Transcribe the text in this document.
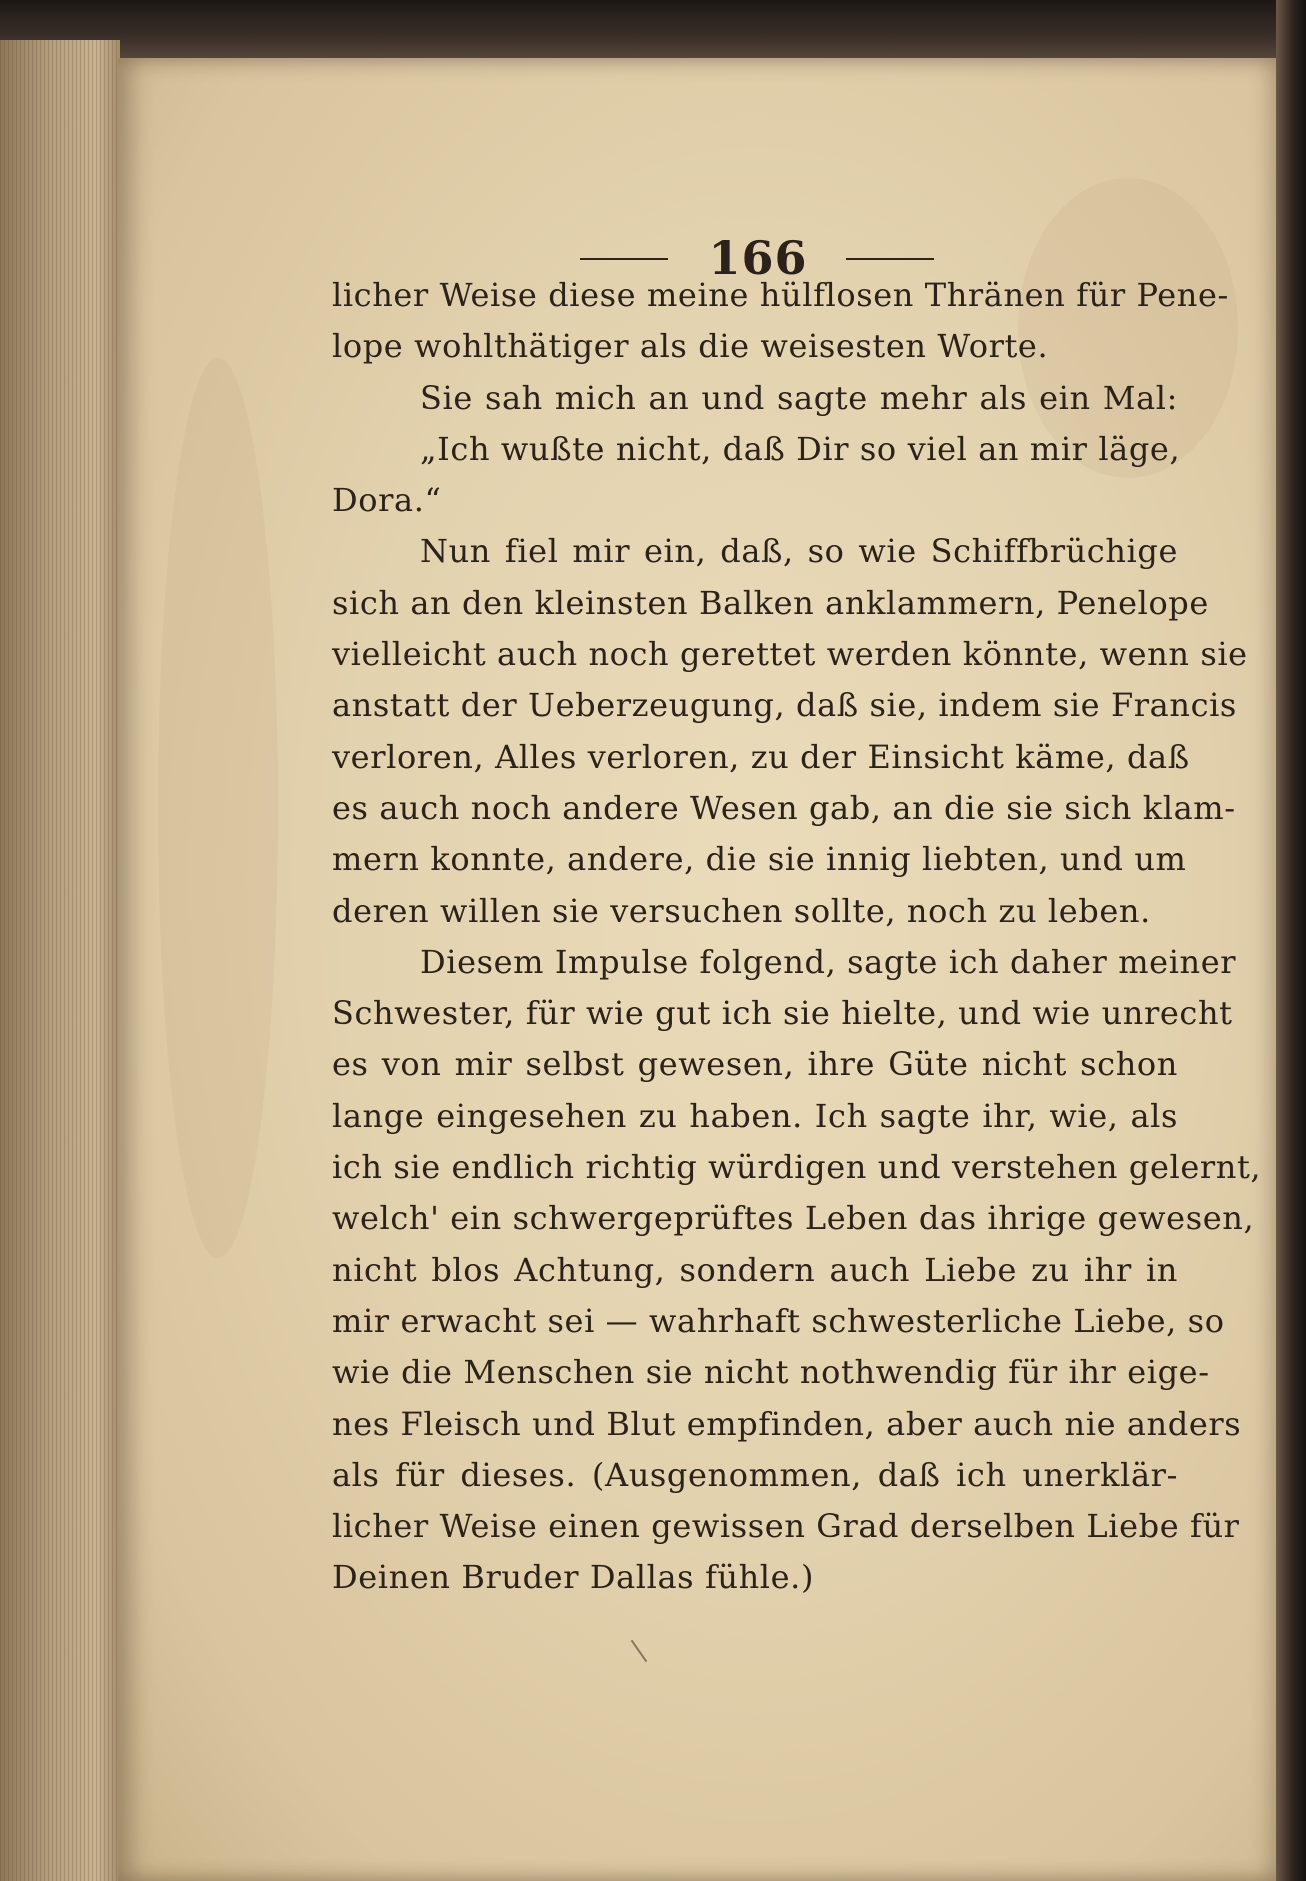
166
licher Weise diese meine hülflosen Thränen für Pene-
lope wohlthätiger als die weisesten Worte.
Sie sah mich an und sagte mehr als ein Mal:
„Ich wußte nicht, daß Dir so viel an mir läge,
Dora.“
Nun fiel mir ein, daß, so wie Schiffbrüchige
sich an den kleinsten Balken anklammern, Penelope
vielleicht auch noch gerettet werden könnte, wenn sie
anstatt der Ueberzeugung, daß sie, indem sie Francis
verloren, Alles verloren, zu der Einsicht käme, daß
es auch noch andere Wesen gab, an die sie sich klam-
mern konnte, andere, die sie innig liebten, und um
deren willen sie versuchen sollte, noch zu leben.
Diesem Impulse folgend, sagte ich daher meiner
Schwester, für wie gut ich sie hielte, und wie unrecht
es von mir selbst gewesen, ihre Güte nicht schon
lange eingesehen zu haben. Ich sagte ihr, wie, als
ich sie endlich richtig würdigen und verstehen gelernt,
welch' ein schwergeprüftes Leben das ihrige gewesen,
nicht blos Achtung, sondern auch Liebe zu ihr in
mir erwacht sei — wahrhaft schwesterliche Liebe, so
wie die Menschen sie nicht nothwendig für ihr eige-
nes Fleisch und Blut empfinden, aber auch nie anders
als für dieses. (Ausgenommen, daß ich unerklär-
licher Weise einen gewissen Grad derselben Liebe für
Deinen Bruder Dallas fühle.)
